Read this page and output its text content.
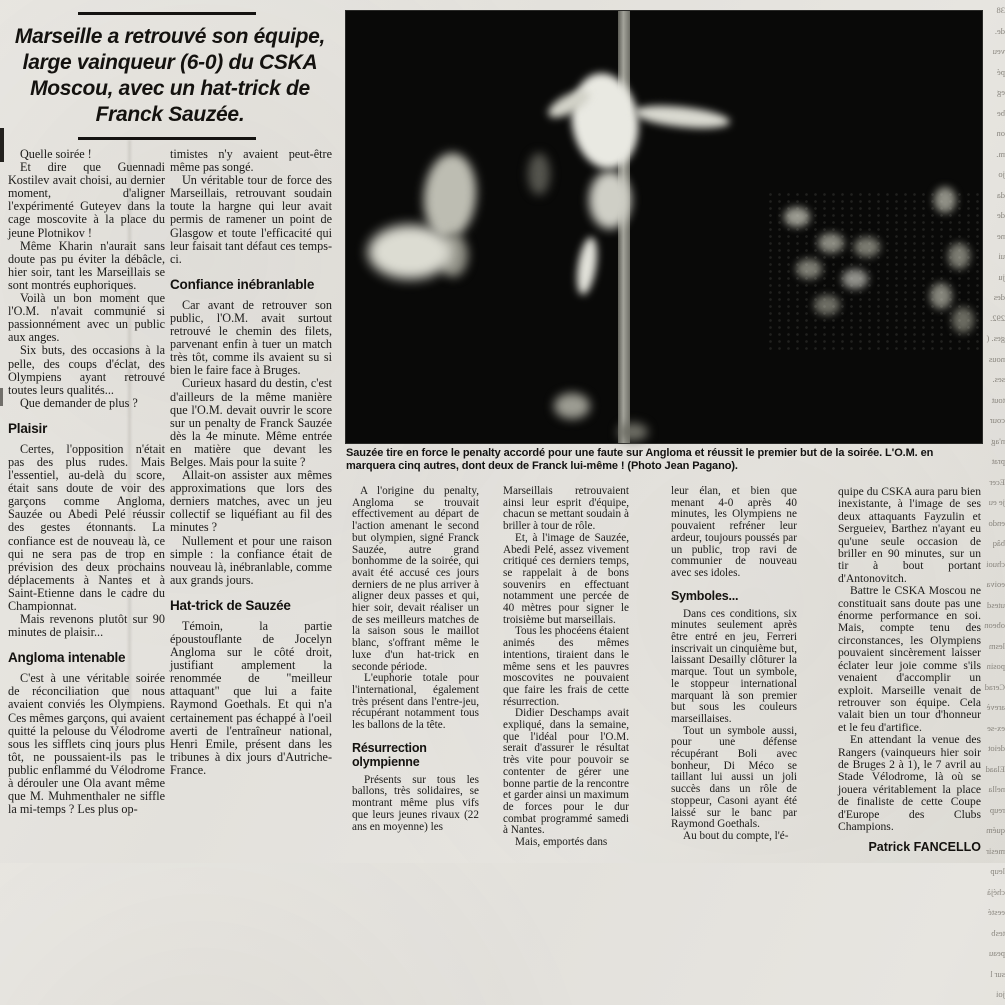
Marseille a retrouvé son équipe, large vainqueur (6-0) du CSKA Moscou, avec un hat-trick de Franck Sauzée.
Sauzée tire en force le penalty accordé pour une faute sur Angloma et réussit le premier but de la soirée. L'O.M. en marquera cinq autres, dont deux de Franck lui-même ! (Photo Jean Pagano).

Quelle soirée !

Et dire que Guennadi Kostilev avait choisi, au dernier moment, d'aligner l'expérimenté Guteyev dans la cage moscovite à la place du jeune Plotnikov !

Même Kharin n'aurait sans doute pas pu éviter la débâcle, hier soir, tant les Marseillais se sont montrés euphoriques.

Voilà un bon moment que l'O.M. n'avait communié si passionnément avec un public aux anges.

Six buts, des occasions à la pelle, des coups d'éclat, des Olympiens ayant retrouvé toutes leurs qualités...

Que demander de plus ?

Plaisir

Certes, l'opposition n'était pas des plus rudes. Mais l'essentiel, au-delà du score, était sans doute de voir des garçons comme Angloma, Sauzée ou Abedi Pelé réussir des gestes étonnants. La confiance est de nouveau là, ce qui ne sera pas de trop en prévision des deux prochains déplacements à Nantes et à Saint-Etienne dans le cadre du Championnat.

Mais revenons plutôt sur 90 minutes de plaisir...

Angloma intenable

C'est à une véritable soirée de réconciliation que nous avaient conviés les Olympiens. Ces mêmes garçons, qui avaient quitté la pelouse du Vélodrome sous les sifflets cinq jours plus tôt, ne poussaient-ils pas le public enflammé du Vélodrome à dérouler une Ola avant même que M. Muhmenthaler ne siffle la mi-temps ? Les plus op-

timistes n'y avaient peut-être même pas songé.

Un véritable tour de force des Marseillais, retrouvant soudain toute la hargne qui leur avait permis de ramener un point de Glasgow et toute l'efficacité qui leur faisait tant défaut ces temps-ci.

Confiance inébranlable

Car avant de retrouver son public, l'O.M. avait surtout retrouvé le chemin des filets, parvenant enfin à tuer un match très tôt, comme ils avaient su si bien le faire face à Bruges.

Curieux hasard du destin, c'est d'ailleurs de la même manière que l'O.M. devait ouvrir le score sur un penalty de Franck Sauzée dès la 4e minute. Même entrée en matière que devant les Belges. Mais pour la suite ?

Allait-on assister aux mêmes approximations que lors des derniers matches, avec un jeu collectif se liquéfiant au fil des minutes ?

Nullement et pour une raison simple : la confiance était de nouveau là, inébranlable, comme aux grands jours.

Hat-trick de Sauzée

Témoin, la partie époustouflante de Jocelyn Angloma sur le côté droit, justifiant amplement la renommée de "meilleur attaquant" que lui a faite Raymond Goethals. Et qui n'a certainement pas échappé à l'oeil averti de l'entraîneur national, Henri Emile, présent dans les tribunes à dix jours d'Autriche-France.

A l'origine du penalty, Angloma se trouvait effectivement au départ de l'action amenant le second but olympien, signé Franck Sauzée, autre grand bonhomme de la soirée, qui avait été accusé ces jours derniers de ne plus arriver à aligner deux passes et qui, hier soir, devait réaliser un de ses meilleurs matches de la saison sous le maillot blanc, s'offrant même le luxe d'un hat-trick en seconde période.

L'euphorie totale pour l'international, également très présent dans l'entre-jeu, récupérant notamment tous les ballons de la tête.

Résurrection olympienne

Présents sur tous les ballons, très solidaires, se montrant même plus vifs que leurs jeunes rivaux (22 ans en moyenne) les

Marseillais retrouvaient ainsi leur esprit d'équipe, chacun se mettant soudain à briller à tour de rôle.

Et, à l'image de Sauzée, Abedi Pelé, assez vivement critiqué ces derniers temps, se rappelait à de bons souvenirs en effectuant notamment une percée de 40 mètres pour signer le troisième but marseillais.

Tous les phocéens étaient animés des mêmes intentions, tiraient dans le même sens et les pauvres moscovites ne pouvaient que faire les frais de cette résurrection.

Didier Deschamps avait expliqué, dans la semaine, que l'idéal pour l'O.M. serait d'assurer le résultat très vite pour pouvoir se contenter de gérer une bonne partie de la rencontre et garder ainsi un maximum de forces pour le dur combat programmé samedi à Nantes.

Mais, emportés dans

leur élan, et bien que menant 4-0 après 40 minutes, les Olympiens ne pouvaient refréner leur ardeur, toujours poussés par un public, trop ravi de communier de nouveau avec ses idoles.

Symboles...

Dans ces conditions, six minutes seulement après être entré en jeu, Ferreri inscrivait un cinquième but, laissant Desailly clôturer la marque. Tout un symbole, le stoppeur international marquant là son premier but sous les couleurs marseillaises.

Tout un symbole aussi, pour une défense récupérant Boli avec bonheur, Di Méco se taillant lui aussi un joli succès dans un rôle de stoppeur, Casoni ayant été laissé sur le banc par Raymond Goethals.

Au bout du compte, l'é-

quipe du CSKA aura paru bien inexistante, à l'image de ses deux attaquants Fayzulin et Sergueiev, Barthez n'ayant eu qu'une seule occasion de briller en 90 minutes, sur un tir à bout portant d'Antonovitch.

Battre le CSKA Moscou ne constituait sans doute pas une énorme performance en soi. Mais, compte tenu des circonstances, les Olympiens pouvaient sincèrement laisser éclater leur joie comme s'ils venaient d'accomplir un exploit. Marseille venait de retrouver son équipe. Cela valait bien un tour d'honneur et le feu d'artifice.

En attendant la venue des Rangers (vainqueurs hier soir de Bruges 2 à 1), le 7 avril au Stade Vélodrome, là où se jouera véritablement la place de finaliste de cette Coupe d'Europe des Clubs Champions.

Patrick FANCELLO
38
de.
veu
pé
eg
be
on
m.
jo
da
de
ne
ui
ju
des
292.
ges. (
nous
ses.
tout
cour
n'ag
prat
Ecer
je eu
endo
bâq
chuoi
eoiva
utesd
obeon
lesm
posin
Cerad
arevè
ex-se
deiot
Elaad
nella
reup
quém
mesir
leup
chéjà
eesté
tesb
peau
sur l
joi
